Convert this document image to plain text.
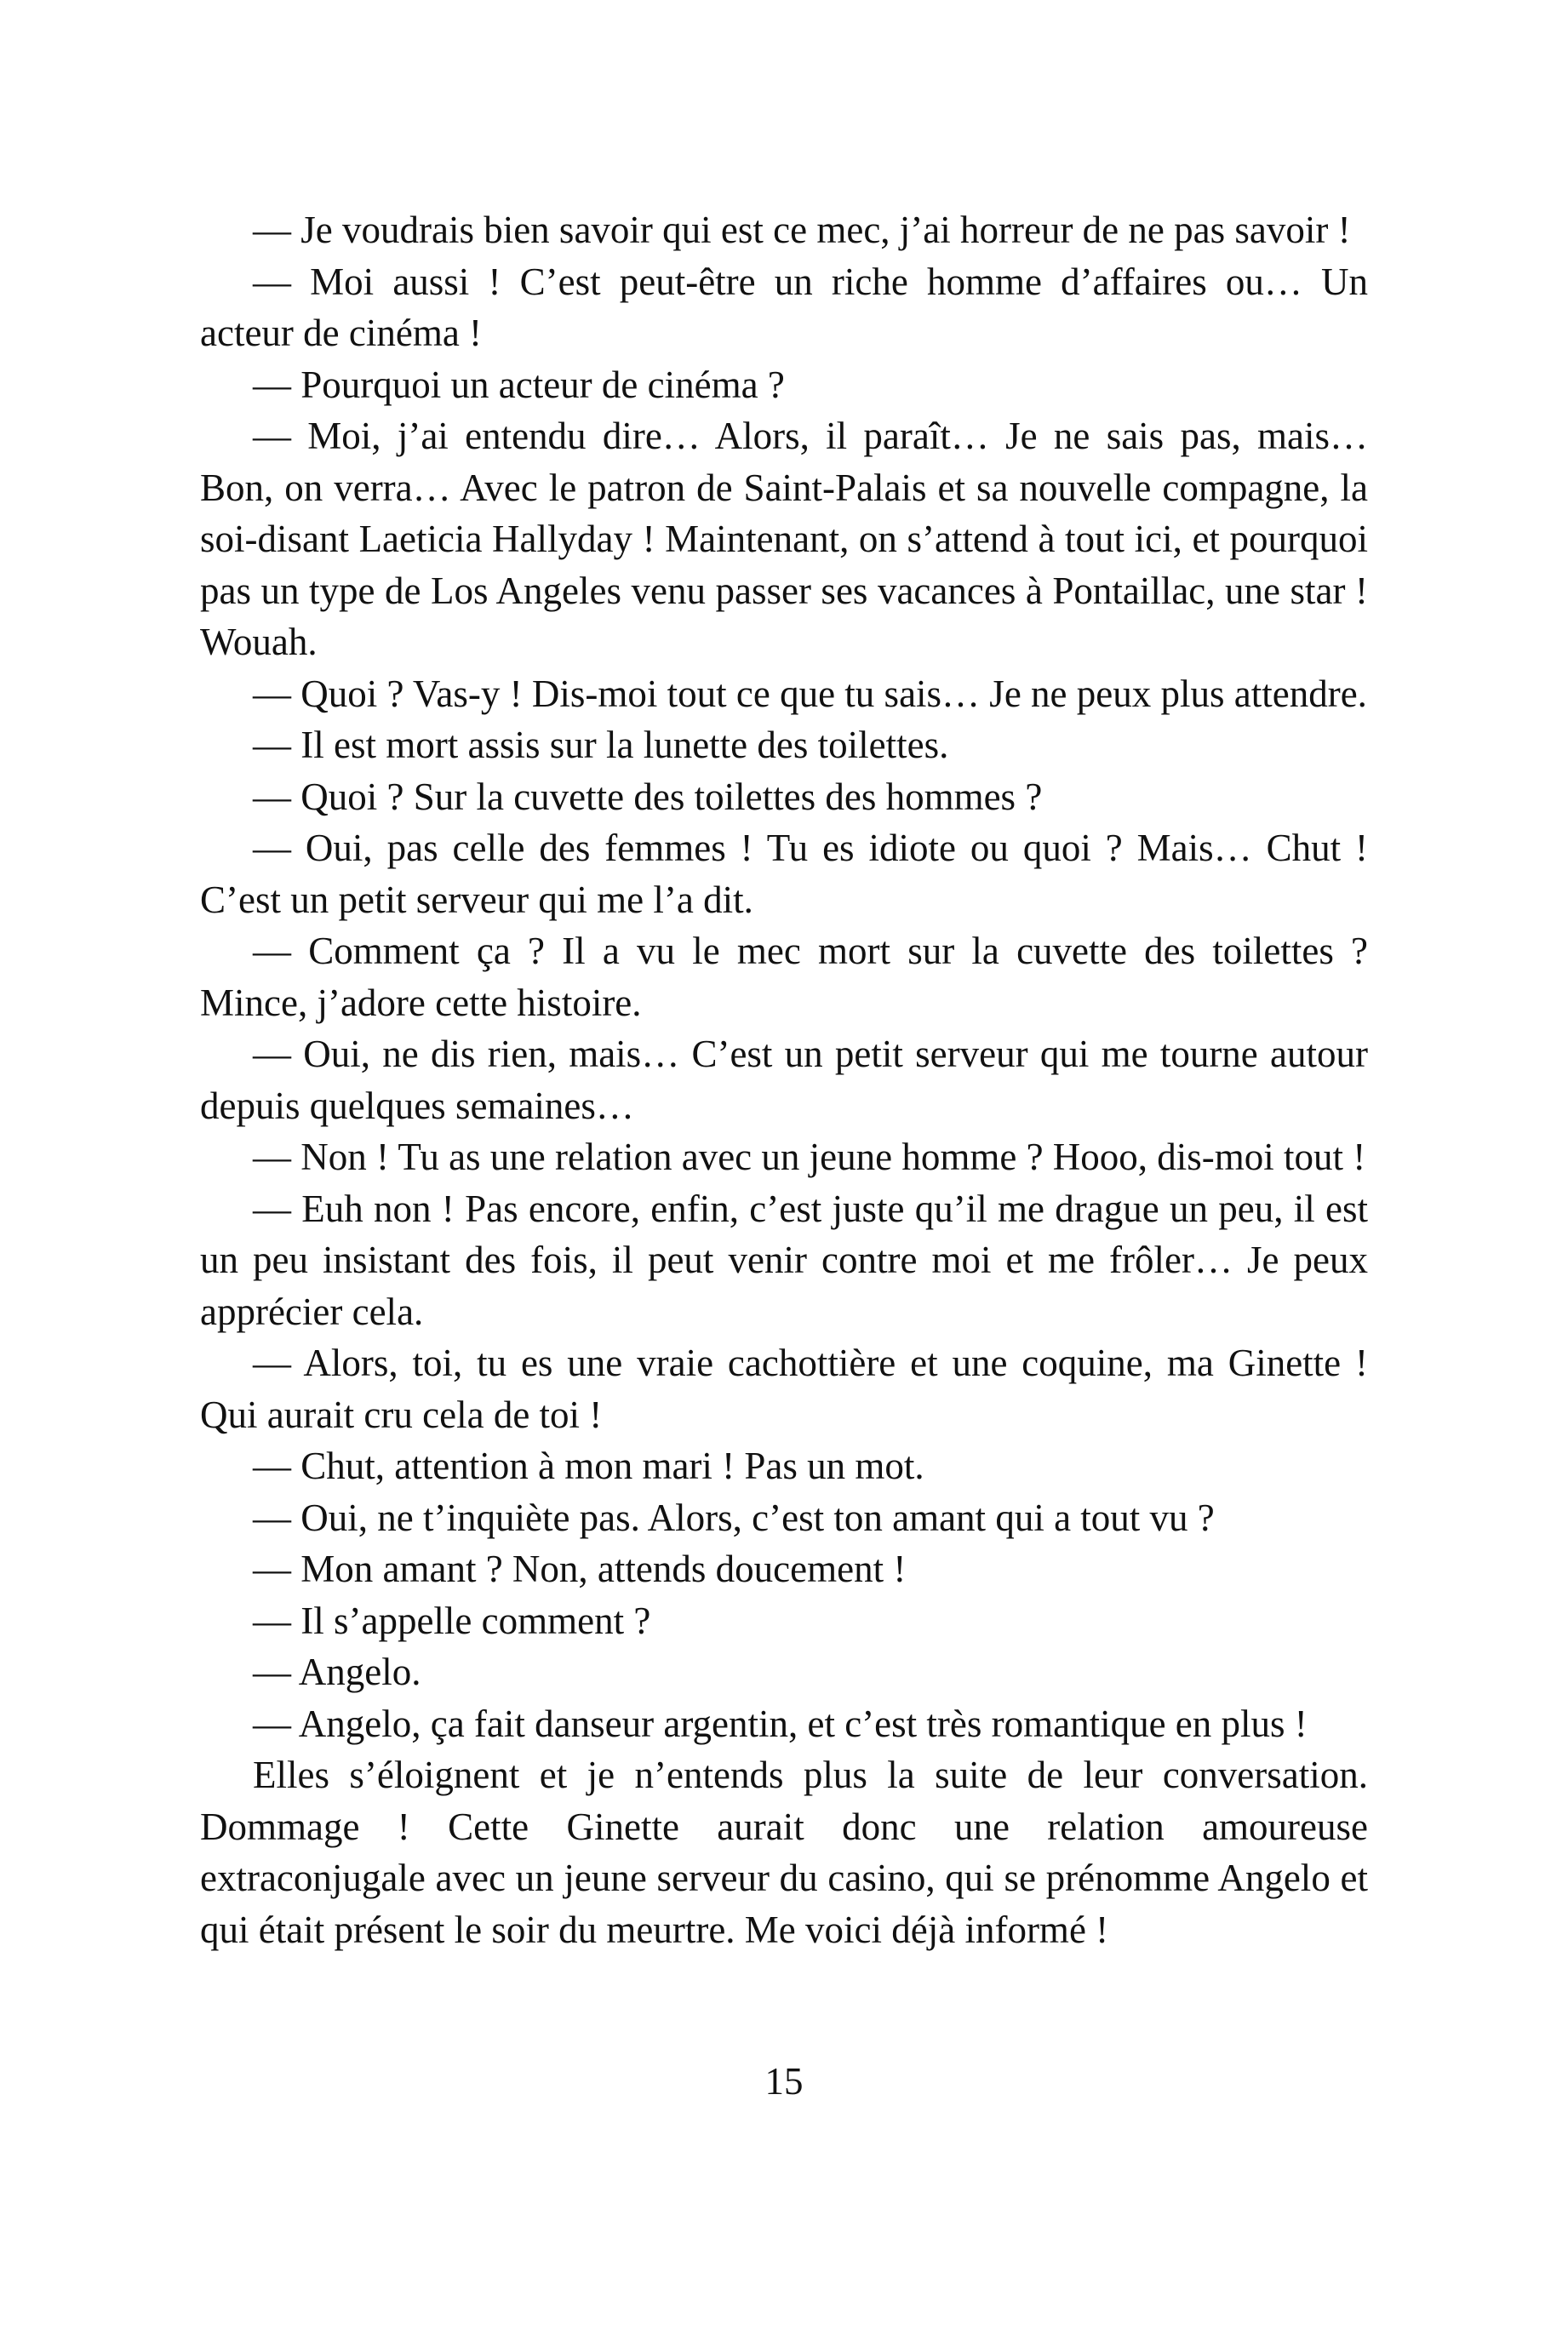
— Je voudrais bien savoir qui est ce mec, j’ai horreur de ne pas savoir !

— Moi aussi ! C’est peut-être un riche homme d’affaires ou… Un acteur de cinéma !

— Pourquoi un acteur de cinéma ?

— Moi, j’ai entendu dire… Alors, il paraît… Je ne sais pas, mais… Bon, on verra… Avec le patron de Saint-Palais et sa nouvelle compagne, la soi-disant Laeticia Hallyday ! Maintenant, on s’attend à tout ici, et pourquoi pas un type de Los Angeles venu passer ses vacances à Pontaillac, une star ! Wouah.

— Quoi ? Vas-y ! Dis-moi tout ce que tu sais… Je ne peux plus attendre.

— Il est mort assis sur la lunette des toilettes.

— Quoi ? Sur la cuvette des toilettes des hommes ?

— Oui, pas celle des femmes ! Tu es idiote ou quoi ? Mais… Chut ! C’est un petit serveur qui me l’a dit.

— Comment ça ? Il a vu le mec mort sur la cuvette des toilettes ? Mince, j’adore cette histoire.

— Oui, ne dis rien, mais… C’est un petit serveur qui me tourne autour depuis quelques semaines…

— Non ! Tu as une relation avec un jeune homme ? Hooo, dis-moi tout !

— Euh non ! Pas encore, enfin, c’est juste qu’il me drague un peu, il est un peu insistant des fois, il peut venir contre moi et me frôler… Je peux apprécier cela.

— Alors, toi, tu es une vraie cachottière et une coquine, ma Ginette ! Qui aurait cru cela de toi !

— Chut, attention à mon mari ! Pas un mot.

— Oui, ne t’inquiète pas. Alors, c’est ton amant qui a tout vu ?

— Mon amant ? Non, attends doucement !

— Il s’appelle comment ?

— Angelo.

— Angelo, ça fait danseur argentin, et c’est très romantique en plus !

Elles s’éloignent et je n’entends plus la suite de leur conversation. Dommage ! Cette Ginette aurait donc une relation amoureuse extraconjugale avec un jeune serveur du casino, qui se prénomme Angelo et qui était présent le soir du meurtre. Me voici déjà informé !

15
